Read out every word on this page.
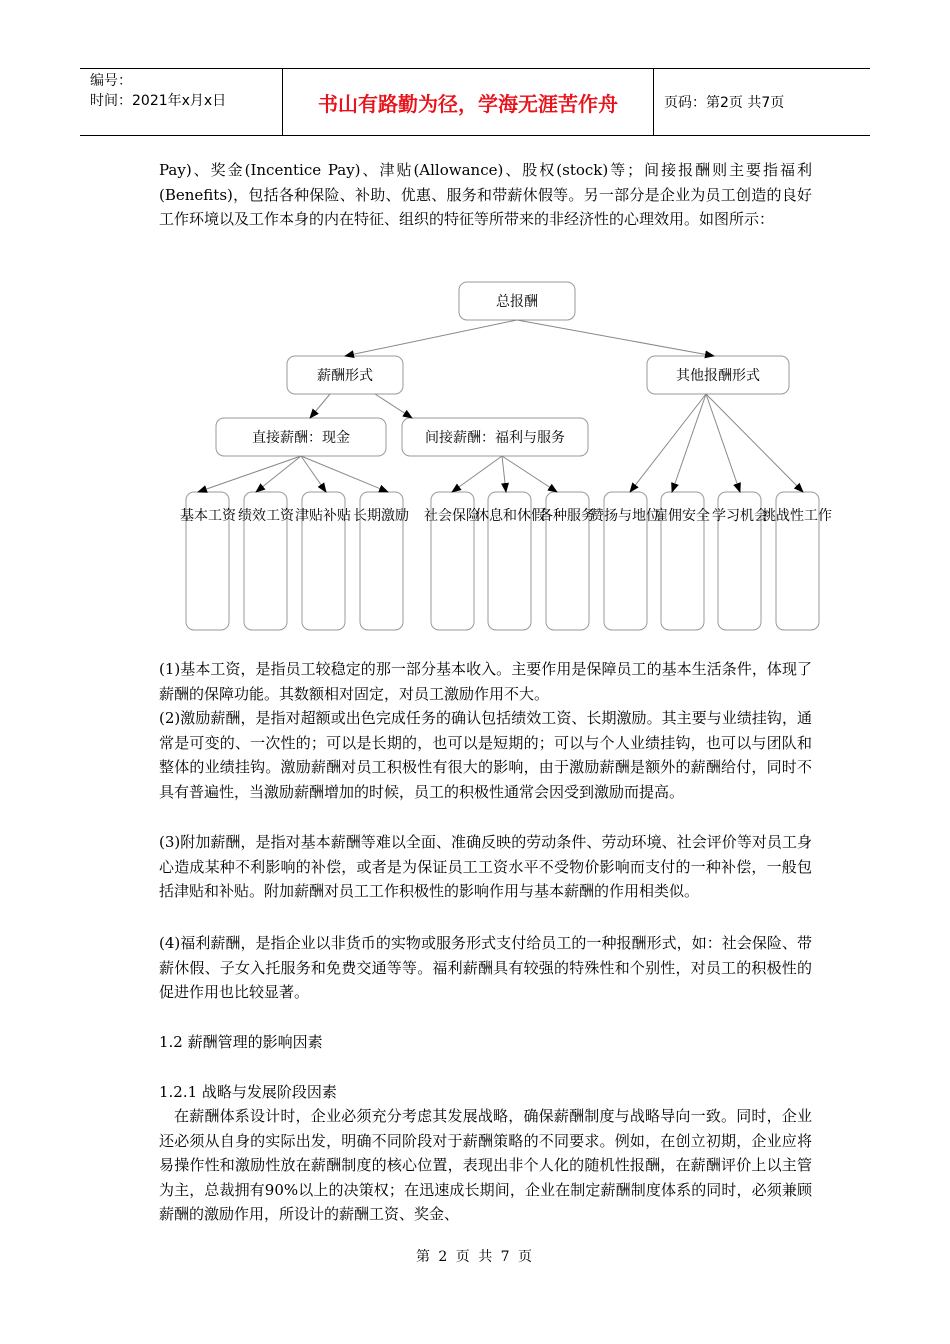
编号：
时间：2021年x月x日	书山有路勤为径，学海无涯苦作舟	页码：第2页 共7页

Pay)、奖金(Incentice Pay)、津贴(Allowance)、股权(stock)等；间接报酬则主要指福利(Benefits)，包括各种保险、补助、优惠、服务和带薪休假等。另一部分是企业为员工创造的良好工作环境以及工作本身的内在特征、组织的特征等所带来的非经济性的心理效用。如图所示：

总报酬
薪酬形式	其他报酬形式
直接薪酬：现金	间接薪酬：福利与服务
基本工资 绩效工资 津贴补贴 长期激励 社会保险
休息和休假
各种服务
赞扬与地位
雇佣安全 学习机会
挑战性工作

(1)基本工资，是指员工较稳定的那一部分基本收入。主要作用是保障员工的基本生活条件，体现了薪酬的保障功能。其数额相对固定，对员工激励作用不大。

(2)激励薪酬，是指对超额或出色完成任务的确认包括绩效工资、长期激励。其主要与业绩挂钩，通常是可变的、一次性的；可以是长期的，也可以是短期的；可以与个人业绩挂钩，也可以与团队和整体的业绩挂钩。激励薪酬对员工积极性有很大的影响，由于激励薪酬是额外的薪酬给付，同时不具有普遍性，当激励薪酬增加的时候，员工的积极性通常会因受到激励而提高。

(3)附加薪酬，是指对基本薪酬等难以全面、准确反映的劳动条件、劳动环境、社会评价等对员工身心造成某种不利影响的补偿，或者是为保证员工工资水平不受物价影响而支付的一种补偿，一般包括津贴和补贴。附加薪酬对员工工作积极性的影响作用与基本薪酬的作用相类似。

(4)福利薪酬，是指企业以非货币的实物或服务形式支付给员工的一种报酬形式，如：社会保险、带薪休假、子女入托服务和免费交通等等。福利薪酬具有较强的特殊性和个别性，对员工的积极性的促进作用也比较显著。

1.2 薪酬管理的影响因素

1.2.1 战略与发展阶段因素

在薪酬体系设计时，企业必须充分考虑其发展战略，确保薪酬制度与战略导向一致。同时，企业还必须从自身的实际出发，明确不同阶段对于薪酬策略的不同要求。例如，在创立初期，企业应将易操作性和激励性放在薪酬制度的核心位置，表现出非个人化的随机性报酬，在薪酬评价上以主管为主，总裁拥有90%以上的决策权；在迅速成长期间，企业在制定薪酬制度体系的同时，必须兼顾薪酬的激励作用，所设计的薪酬工资、奖金、

第 2 页 共 7 页
